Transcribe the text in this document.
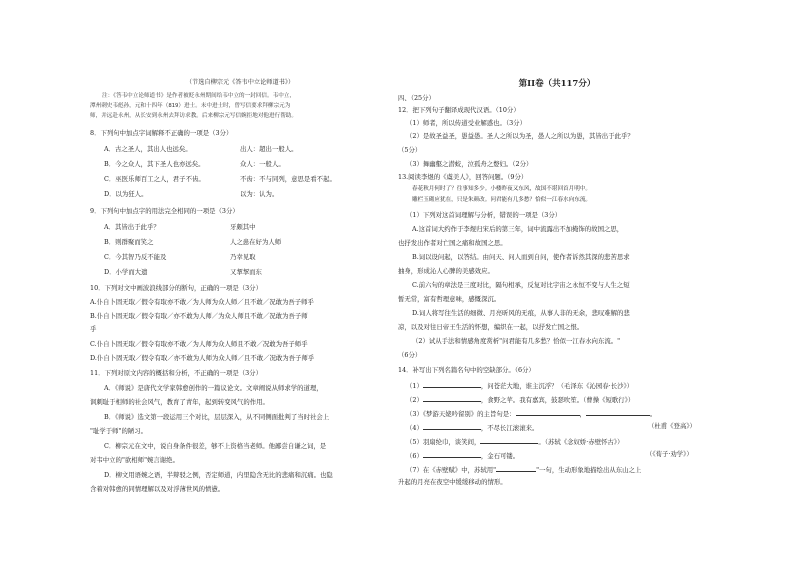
（节选自柳宗元《答韦中立论师道书》）
注：《答韦中立论师道书》是作者被贬永州期间给韦中立的一封回信。韦中立，
潭州刺史韦彪孙，元和十四年（819）进士。未中进士时，曾写信要求拜柳宗元为
师，并远赴永州，从长安到永州去拜访求教。后来柳宗元写信婉拒地对他进行帮助。
8．下列句中加点字词解释不正确的一项是（3分）
A．古之圣人，其出人也远矣。	出人：超出一般人。
B．今之众人，其下圣人也亦远矣。	众人：一般人。
C．巫医乐师百工之人，君子不齿。	不齿：不与同列，意思是看不起。
D．以为狂人。	以为：认为。
9．下列句中加点字的用法完全相同的一项是（3分）
A．其皆出于此乎？	牙颇其中
B．则群聚而笑之	人之患在好为人师
C．今其智乃反不能及	乃幸见取
D．小学而大遗	又挈挈而东
10．下列对文中画波浪线部分的断句，正确的一项是（3分）
A.仆自卜固无取／假令有取亦不敢／为人师为众人师／且不敢／况敢为吾子师乎
B.仆自卜固无取／假令有取／亦不敢为人师／为众人师且不敢／况敢为吾子师
乎
C.仆自卜固无取／假令有取亦不敢／为人师为众人师且不敢／况敢为吾子师乎
D.仆自卜固无取／假令有取／亦不敢为人师为众人师／且不敢／况敢为吾子师乎
11．下列对原文内容的概括和分析，不正确的一项是（3分）
A．《师说》是唐代文学家韩愈创作的一篇议论文。文章阐说从师求学的道理，
讽刺耻于相师的社会风气，教育了青年，起到转变风气的作用。
B．《师说》选文第一段运用三个对比，层层深入，从不同侧面批判了当时社会上
"耻学于师"的陋习。
C．柳宗元在文中，说自身条件很差，够不上资格当老师。他鄙尝自谦之词，是
对韦中立的"欲相师"婉言谢绝。
D．柳文用语婉之语，半辩驳之例，否定师道，内里隐含无比的悲痛和沉痛。也隐
含着对韩愈的同情理解以及对浮薄世风的愤懑。
第II卷（共117分）
四、（25分）
12．把下列句子翻译成现代汉语。（10分）
（1）师者，所以传道受业解惑也。（3分）
（2）是故圣益圣，愚益愚。圣人之所以为圣，愚人之所以为愚，其皆出于此乎？
（5分）
（3）舞幽壑之潜蛟，泣孤舟之嫠妇。（2分）
13.阅读李煜的《虞美人》，回答问题。（9分）
春花秋月何时了？往事知多少。小楼昨夜又东风，故国不堪回首月明中。
雕栏玉砌应犹在，只是朱颜改。问君能有几多愁？恰似一江春水向东流。
（1）下列对这首词理解与分析，错误的一项是（3分）
A.这首词大约作于李煜归宋后的第三年，词中流露出不加掩饰的故国之思，
也抒发出作者对亡国之痛和故国之思。
B.词以设问起，以答结。由问天、问人而到自问，使作者诉然其深的悲苦思求
抽身，形成沁人心脾的美感效应。
C.前六句的章法是三度对比，隔句相承，反复对比宇宙之永恒不变与人生之短
暂无常，富有哲理意味，感慨深沉。
D.词人将写往生活的细微、月亮昕风的无痕，从事人非的无余，悲叹难解的悲
凉，以及对往日帝王生活的怀想，编织在一起，以抒发亡国之恨。
（2）试从手法和情感角度赏析"问君能有几多愁？恰似一江春水向东流。"
（6分）
14．补写出下列名篇名句中的空缺部分。（6分）
（1）	，问苍茫大地，谁主沉浮？（毛泽东《沁园春·长沙》）
（2）	，食野之苹。我有嘉宾，鼓瑟吹笙。（曹操《短歌行》）
（3）《梦游天姥吟留别》的主旨句是：	，	。
（4）	，不尽长江滚滚来。	（杜甫《登高》）
（5）羽扇纶巾，谈笑间，	。（苏轼《念奴娇·赤壁怀古》）
（6）	，金石可镂。	（《荀子·劝学》）
（7）在《赤壁赋》中，苏轼用"	"一句，生动形象地描绘出从东山之上
升起的月亮在夜空中缓缓移动的情形。
